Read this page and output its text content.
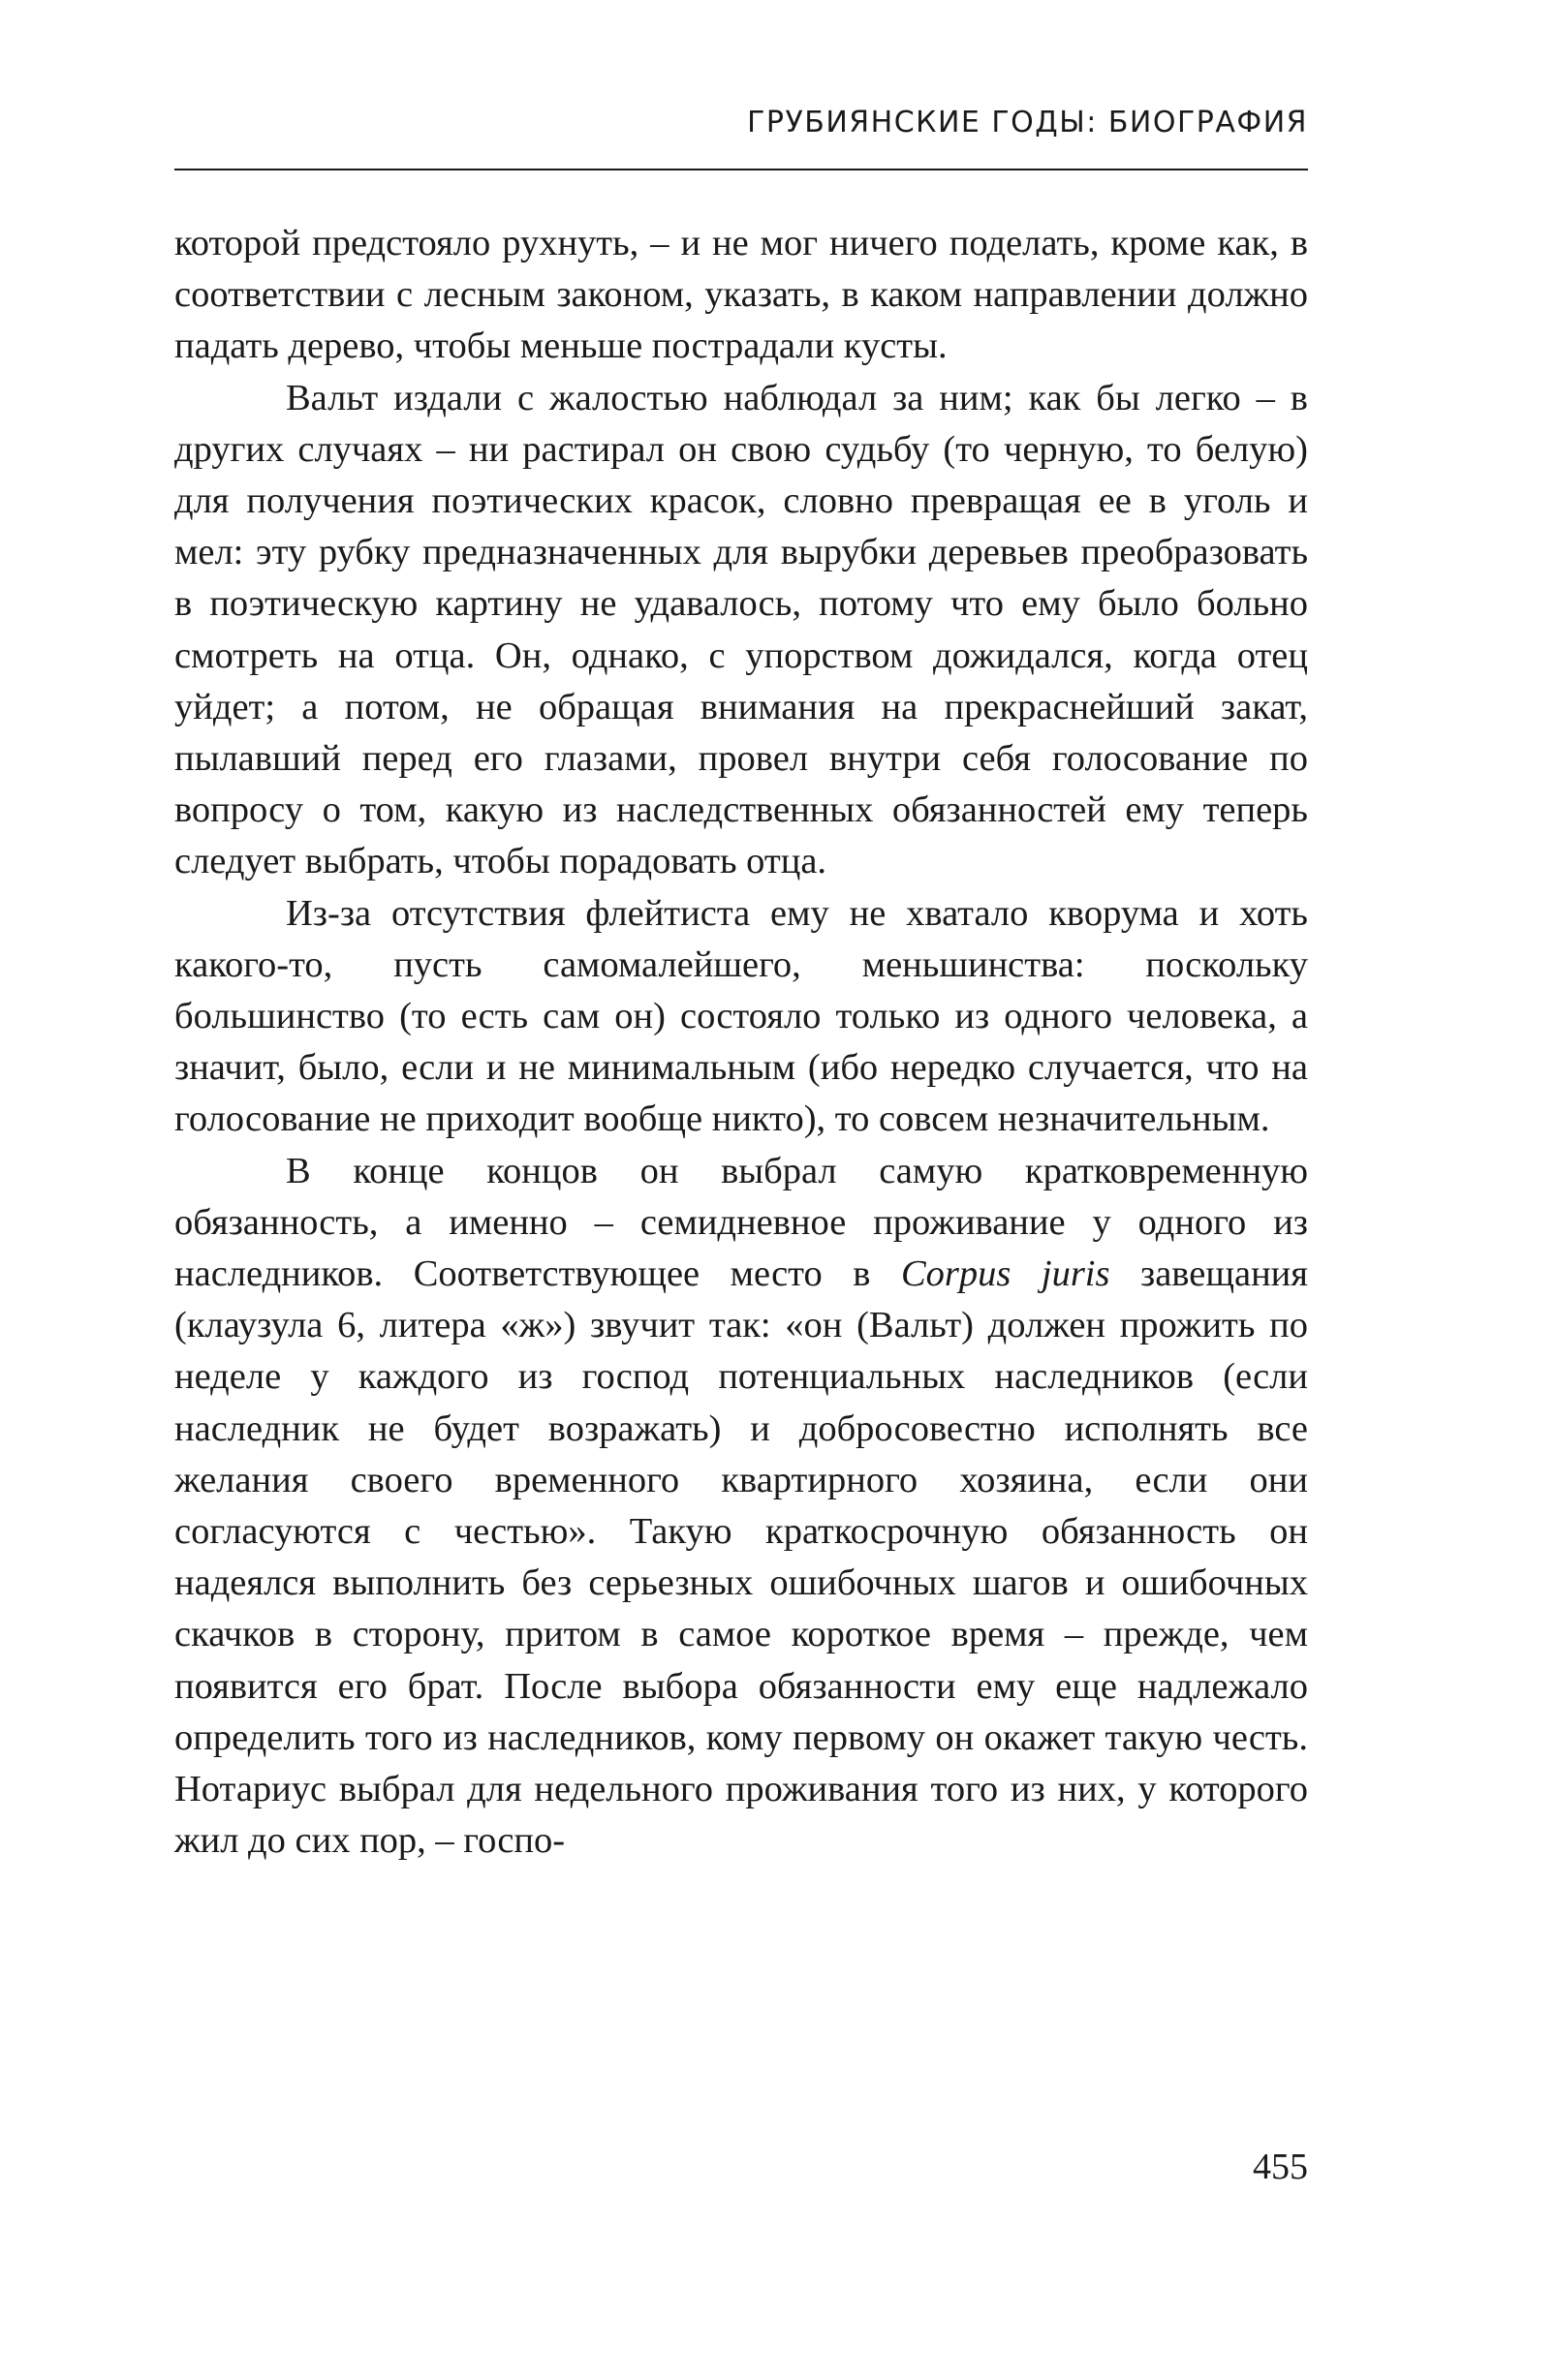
ГРУБИЯНСКИЕ ГОДЫ: БИОГРАФИЯ

которой предстояло рухнуть, – и не мог ничего поделать, кроме как, в соответствии с лесным законом, указать, в каком направлении должно падать дерево, чтобы меньше пострадали кусты.

Вальт издали с жалостью наблюдал за ним; как бы легко – в других случаях – ни растирал он свою судьбу (то черную, то белую) для получения поэтических красок, словно превращая ее в уголь и мел: эту рубку предназначенных для вырубки деревьев преобразовать в поэтическую картину не удавалось, потому что ему было больно смотреть на отца. Он, однако, с упорством дожидался, когда отец уйдет; а потом, не обращая внимания на прекраснейший закат, пылавший перед его глазами, провел внутри себя голосование по вопросу о том, какую из наследственных обязанностей ему теперь следует выбрать, чтобы порадовать отца.

Из-за отсутствия флейтиста ему не хватало кворума и хоть какого-то, пусть самомалейшего, меньшинства: поскольку большинство (то есть сам он) состояло только из одного человека, а значит, было, если и не минимальным (ибо нередко случается, что на голосование не приходит вообще никто), то совсем незначительным.

В конце концов он выбрал самую кратковременную обязанность, а именно – семидневное проживание у одного из наследников. Соответствующее место в Corpus juris завещания (клаузула 6, литера «ж») звучит так: «он (Вальт) должен прожить по неделе у каждого из господ потенциальных наследников (если наследник не будет возражать) и добросовестно исполнять все желания своего временного квартирного хозяина, если они согласуются с честью». Такую краткосрочную обязанность он надеялся выполнить без серьезных ошибочных шагов и ошибочных скачков в сторону, притом в самое короткое время – прежде, чем появится его брат. После выбора обязанности ему еще надлежало определить того из наследников, кому первому он окажет такую честь. Нотариус выбрал для недельного проживания того из них, у которого жил до сих пор, – госпо-

455
